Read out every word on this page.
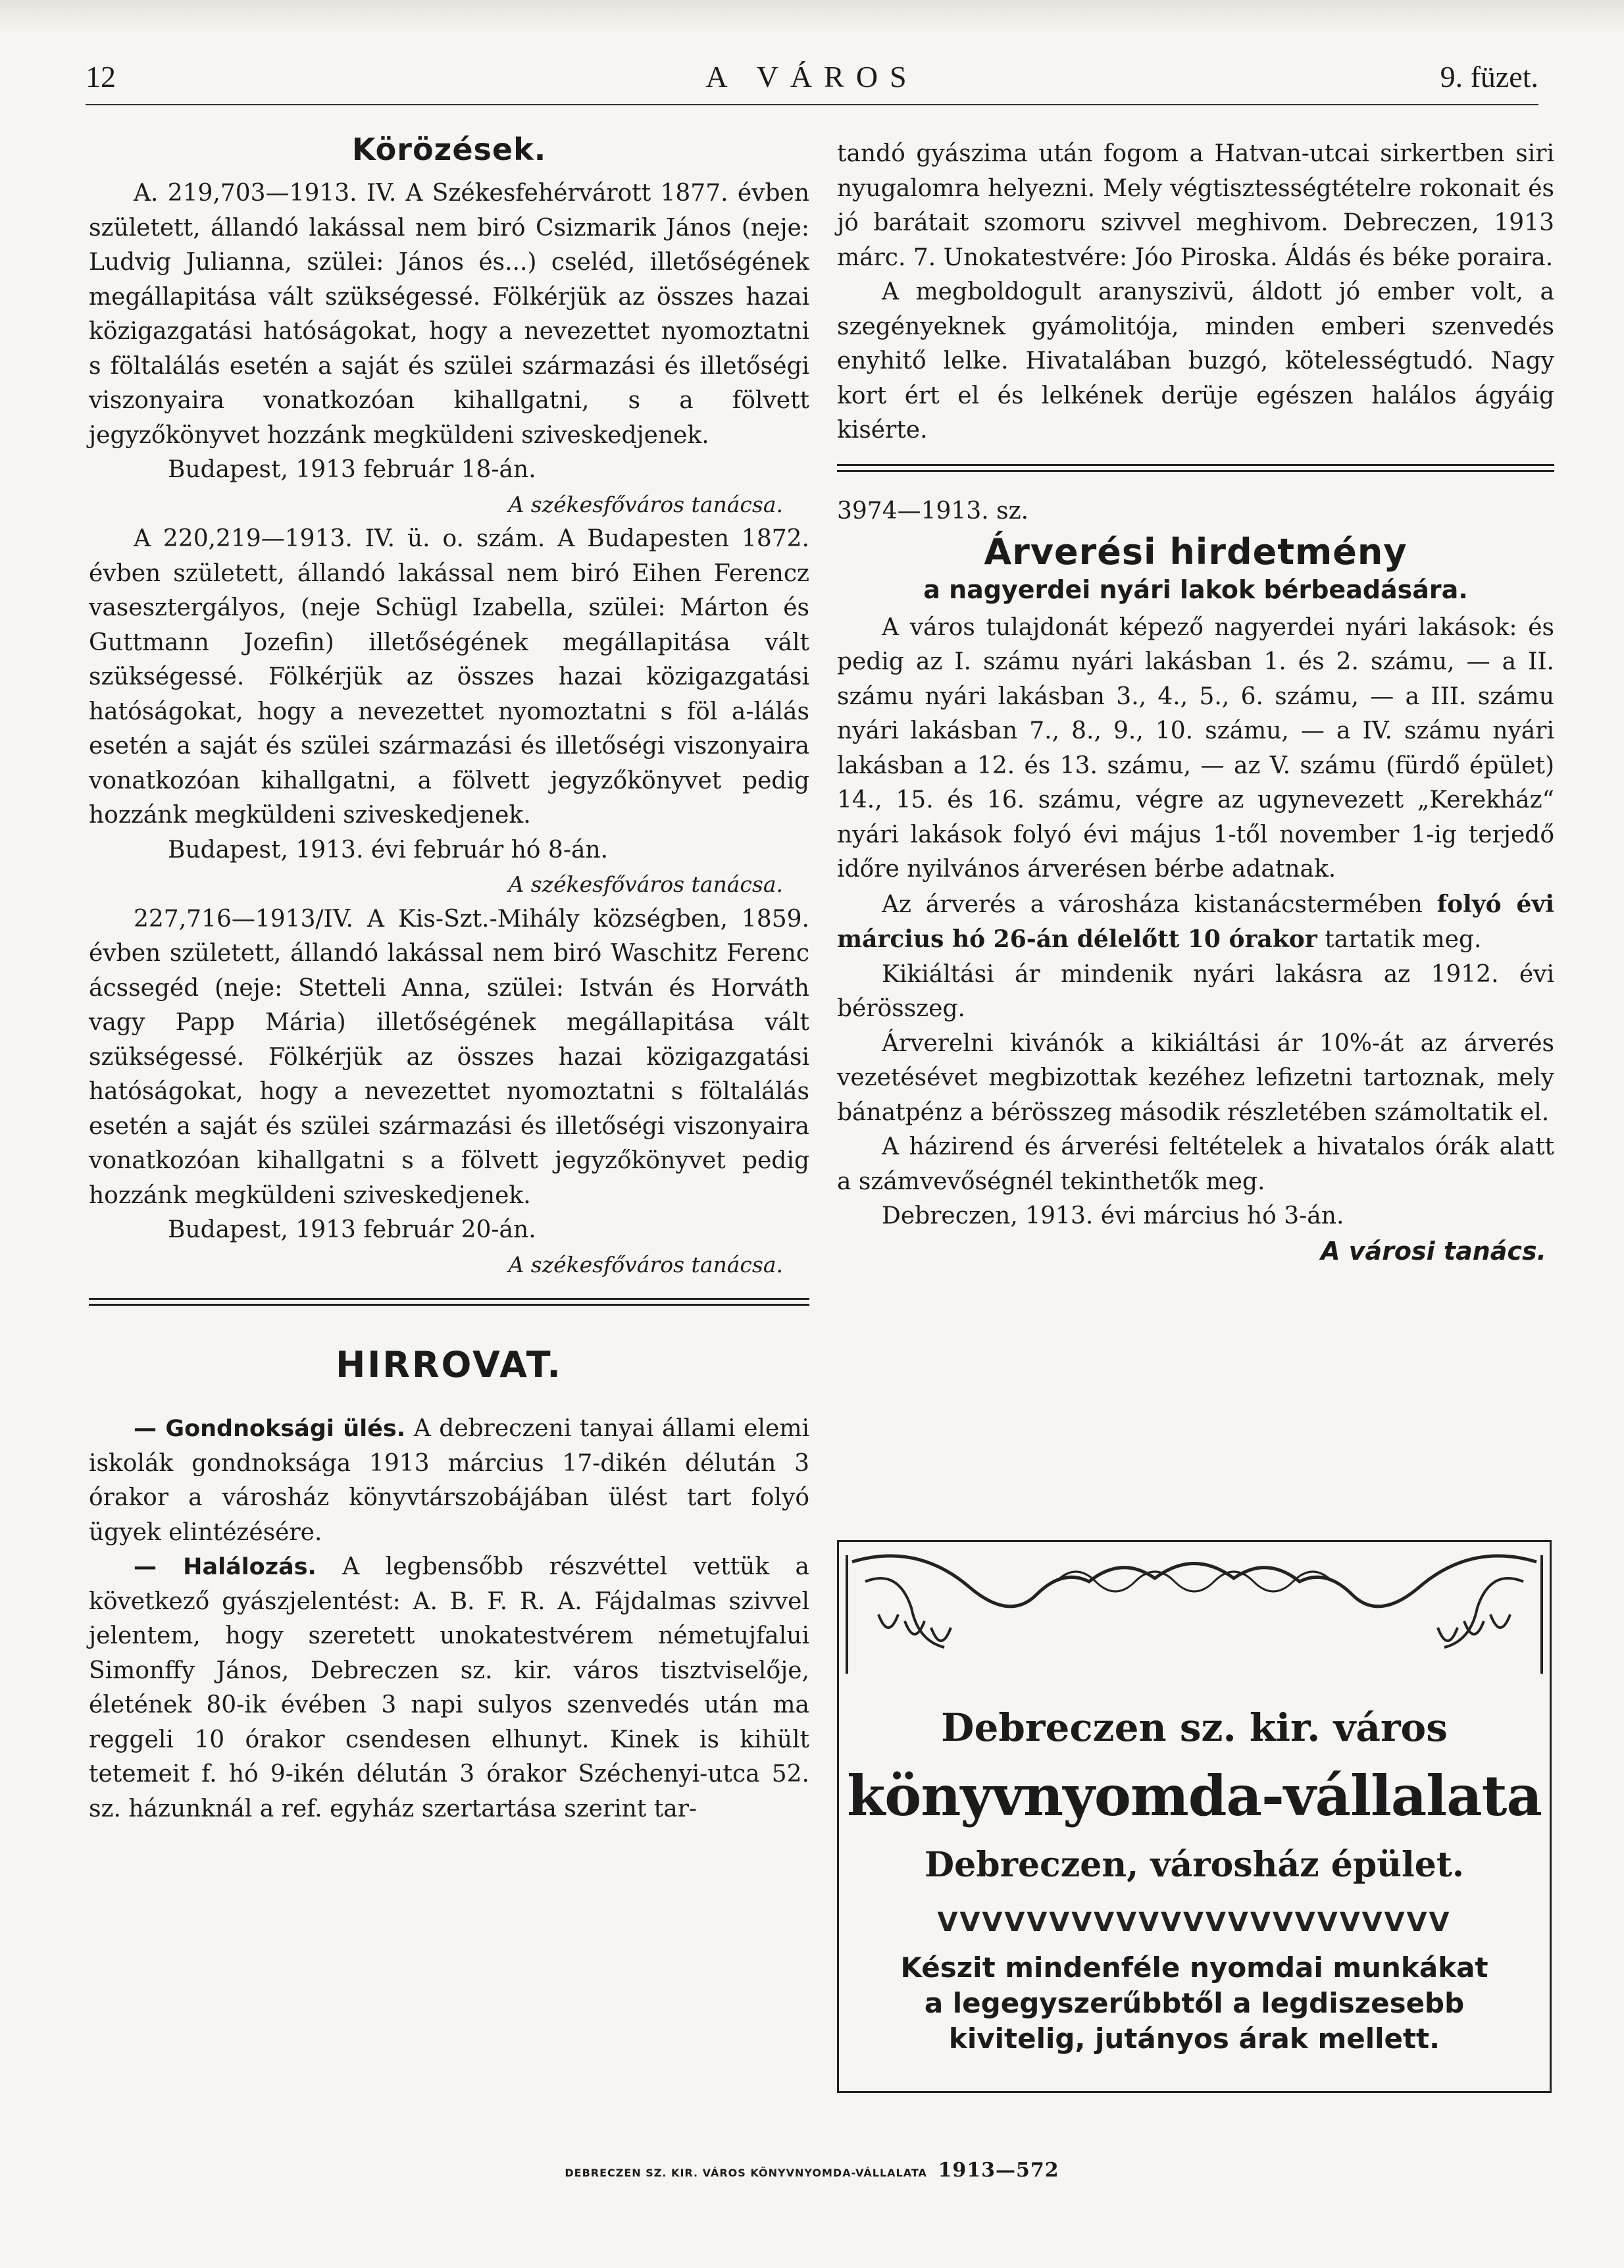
12	A VÁROS	9. füzet.
Körözések.

A. 219,703—1913. IV. A Székesfehérvárott 1877. évben született, állandó lakással nem biró Csizmarik János (neje: Ludvig Julianna, szülei: János és...) cseléd, illetőségének megállapitása vált szükségessé. Fölkérjük az összes hazai közigazgatási hatóságokat, hogy a nevezettet nyomoztatni s föltalálás esetén a saját és szülei származási és illetőségi viszonyaira vonatkozóan kihallgatni, s a fölvett jegyzőkönyvet hozzánk megküldeni sziveskedjenek.

Budapest, 1913 február 18-án.

A székesfőváros tanácsa.

A 220,219—1913. IV. ü. o. szám. A Budapesten 1872. évben született, állandó lakással nem biró Eihen Ferencz vasesztergályos, (neje Schügl Izabella, szülei: Márton és Guttmann Jozefin) illetőségének megállapitása vált szükségessé. Fölkérjük az összes hazai közigazgatási hatóságokat, hogy a nevezettet nyomoztatni s föl a-lálás esetén a saját és szülei származási és illetőségi viszonyaira vonatkozóan kihallgatni, a fölvett jegyzőkönyvet pedig hozzánk megküldeni sziveskedjenek.

Budapest, 1913. évi február hó 8-án.

A székesfőváros tanácsa.

227,716—1913/IV. A Kis-Szt.-Mihály községben, 1859. évben született, állandó lakással nem biró Waschitz Ferenc ácssegéd (neje: Stetteli Anna, szülei: István és Horváth vagy Papp Mária) illetőségének megállapitása vált szükségessé. Fölkérjük az összes hazai közigazgatási hatóságokat, hogy a nevezettet nyomoztatni s föltalálás esetén a saját és szülei származási és illetőségi viszonyaira vonatkozóan kihallgatni s a fölvett jegyzőkönyvet pedig hozzánk megküldeni sziveskedjenek.

Budapest, 1913 február 20-án.

A székesfőváros tanácsa.

HIRROVAT.

— Gondnoksági ülés. A debreczeni tanyai állami elemi iskolák gondnoksága 1913 március 17-dikén délután 3 órakor a városház könyvtárszobájában ülést tart folyó ügyek elintézésére.

— Halálozás. A legbensőbb részvéttel vettük a következő gyászjelentést: A. B. F. R. A. Fájdalmas szivvel jelentem, hogy szeretett unokatestvérem németujfalui Simonffy János, Debreczen sz. kir. város tisztviselője, életének 80-ik évében 3 napi sulyos szenvedés után ma reggeli 10 órakor csendesen elhunyt. Kinek is kihült tetemeit f. hó 9-ikén délután 3 órakor Széchenyi-utca 52. sz. házunknál a ref. egyház szertartása szerint tar-

tandó gyászima után fogom a Hatvan-utcai sirkertben siri nyugalomra helyezni. Mely végtisztességtételre rokonait és jó barátait szomoru szivvel meghivom. Debreczen, 1913 márc. 7. Unokatestvére: Jóo Piroska. Áldás és béke poraira.

A megboldogult aranyszivü, áldott jó ember volt, a szegényeknek gyámolitója, minden emberi szenvedés enyhitő lelke. Hivatalában buzgó, kötelességtudó. Nagy kort ért el és lelkének derüje egészen halálos ágyáig kisérte.

3974—1913. sz.
Árverési hirdetmény
a nagyerdei nyári lakok bérbeadására.

A város tulajdonát képező nagyerdei nyári lakások: és pedig az I. számu nyári lakásban 1. és 2. számu, — a II. számu nyári lakásban 3., 4., 5., 6. számu, — a III. számu nyári lakásban 7., 8., 9., 10. számu, — a IV. számu nyári lakásban a 12. és 13. számu, — az V. számu (fürdő épület) 14., 15. és 16. számu, végre az ugynevezett „Kerekház“ nyári lakások folyó évi május 1-től november 1-ig terjedő időre nyilvános árverésen bérbe adatnak.

Az árverés a városháza kistanácstermében folyó évi március hó 26-án délelőtt 10 órakor tartatik meg.

Kikiáltási ár mindenik nyári lakásra az 1912. évi bérösszeg.

Árverelni kivánók a kikiáltási ár 10%-át az árverés vezetésévet megbizottak kezéhez lefizetni tartoznak, mely bánatpénz a bérösszeg második részletében számoltatik el.

A házirend és árverési feltételek a hivatalos órák alatt a számvevőségnél tekinthetők meg.

Debreczen, 1913. évi március hó 3-án.

A városi tanács.
Debreczen sz. kir. város
könyvnyomda-vállalata
Debreczen, városház épület.
VVVVVVVVVVVVVVVVVVVVVVV
Készit mindenféle nyomdai munkákat
a legegyszerűbbtől a legdiszesebb
kivitelig, jutányos árak mellett.
DEBRECZEN SZ. KIR. VÁROS KÖNYVNYOMDA-VÁLLALATA 1913—572
